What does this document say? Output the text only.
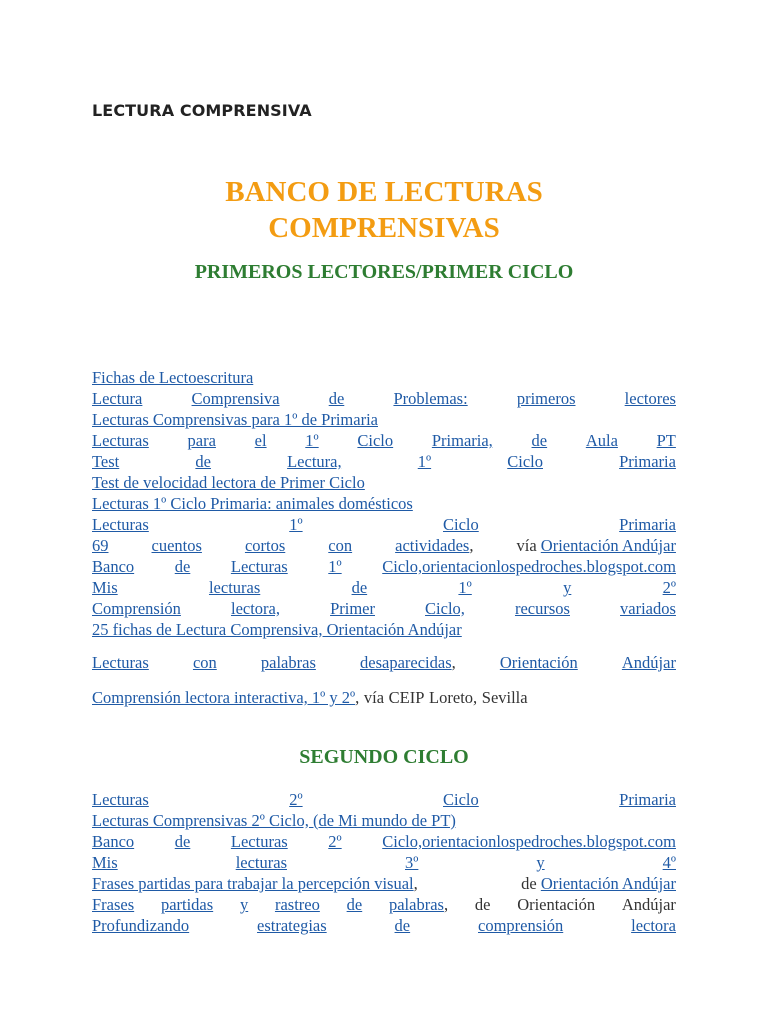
LECTURA COMPRENSIVA
BANCO DE LECTURAS
COMPRENSIVAS
PRIMEROS LECTORES/PRIMER CICLO
Fichas de Lectoescritura
Lectura	Comprensiva	de	Problemas:	primeros	lectores
Lecturas Comprensivas para 1º de Primaria
Lecturas para el 1º Ciclo Primaria, de Aula PT
Test	de	Lectura,	1º	Ciclo	Primaria
Test de velocidad lectora de Primer Ciclo
Lecturas 1º Ciclo Primaria: animales domésticos
Lecturas	1º	Ciclo	Primaria
69	cuentos	cortos	con	actividades,	vía Orientación Andújar
Banco de Lecturas 1º Ciclo,orientacionlospedroches.blogspot.com
Mis	lecturas	de	1º	y	2º
Comprensión	lectora,	Primer	Ciclo,	recursos	variados
25 fichas de Lectura Comprensiva, Orientación Andújar
Lecturas	con	palabras	desaparecidas,	Orientación	Andújar
Comprensión lectora interactiva, 1º y 2º, vía CEIP Loreto, Sevilla
SEGUNDO CICLO
Lecturas	2º	Ciclo	Primaria
Lecturas Comprensivas 2º Ciclo, (de Mi mundo de PT)
Banco de Lecturas 2º Ciclo,orientacionlospedroches.blogspot.com
Mis	lecturas	3º	y	4º
Frases partidas para trabajar la percepción visual,	de Orientación Andújar
Frases partidas y rastreo de palabras, de Orientación Andújar
Profundizando	estrategias	de	comprensión	lectora
